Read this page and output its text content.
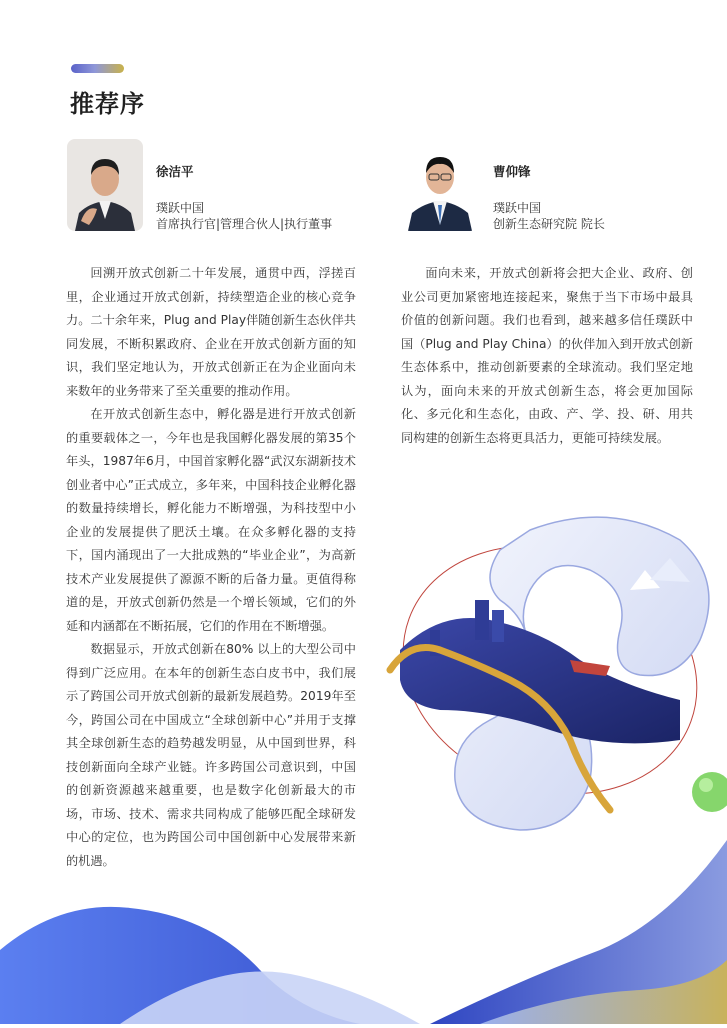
推荐序
徐洁平
璞跃中国
首席执行官|管理合伙人|执行董事
曹仰锋
璞跃中国
创新生态研究院 院长

回溯开放式创新二十年发展，通贯中西，浮搓百里，企业通过开放式创新，持续塑造企业的核心竞争力。二十余年来，Plug and Play伴随创新生态伙伴共同发展，不断积累政府、企业在开放式创新方面的知识，我们坚定地认为，开放式创新正在为企业面向未来数年的业务带来了至关重要的推动作用。

在开放式创新生态中，孵化器是进行开放式创新的重要载体之一，今年也是我国孵化器发展的第35个年头，1987年6月，中国首家孵化器“武汉东湖新技术创业者中心”正式成立，多年来，中国科技企业孵化器的数量持续增长，孵化能力不断增强，为科技型中小企业的发展提供了肥沃土壤。在众多孵化器的支持下，国内涌现出了一大批成熟的“毕业企业”，为高新技术产业发展提供了源源不断的后备力量。更值得称道的是，开放式创新仍然是一个增长领域，它们的外延和内涵都在不断拓展，它们的作用在不断增强。

数据显示，开放式创新在80% 以上的大型公司中得到广泛应用。在本年的创新生态白皮书中，我们展示了跨国公司开放式创新的最新发展趋势。2019年至今，跨国公司在中国成立“全球创新中心”并用于支撑其全球创新生态的趋势越发明显，从中国到世界，科技创新面向全球产业链。许多跨国公司意识到，中国的创新资源越来越重要，也是数字化创新最大的市场，市场、技术、需求共同构成了能够匹配全球研发中心的定位，也为跨国公司中国创新中心发展带来新的机遇。

面向未来，开放式创新将会把大企业、政府、创业公司更加紧密地连接起来，聚焦于当下市场中最具价值的创新问题。我们也看到，越来越多信任璞跃中国（Plug and Play China）的伙伴加入到开放式创新生态体系中，推动创新要素的全球流动。我们坚定地认为，面向未来的开放式创新生态，将会更加国际化、多元化和生态化，由政、产、学、投、研、用共同构建的创新生态将更具活力，更能可持续发展。
